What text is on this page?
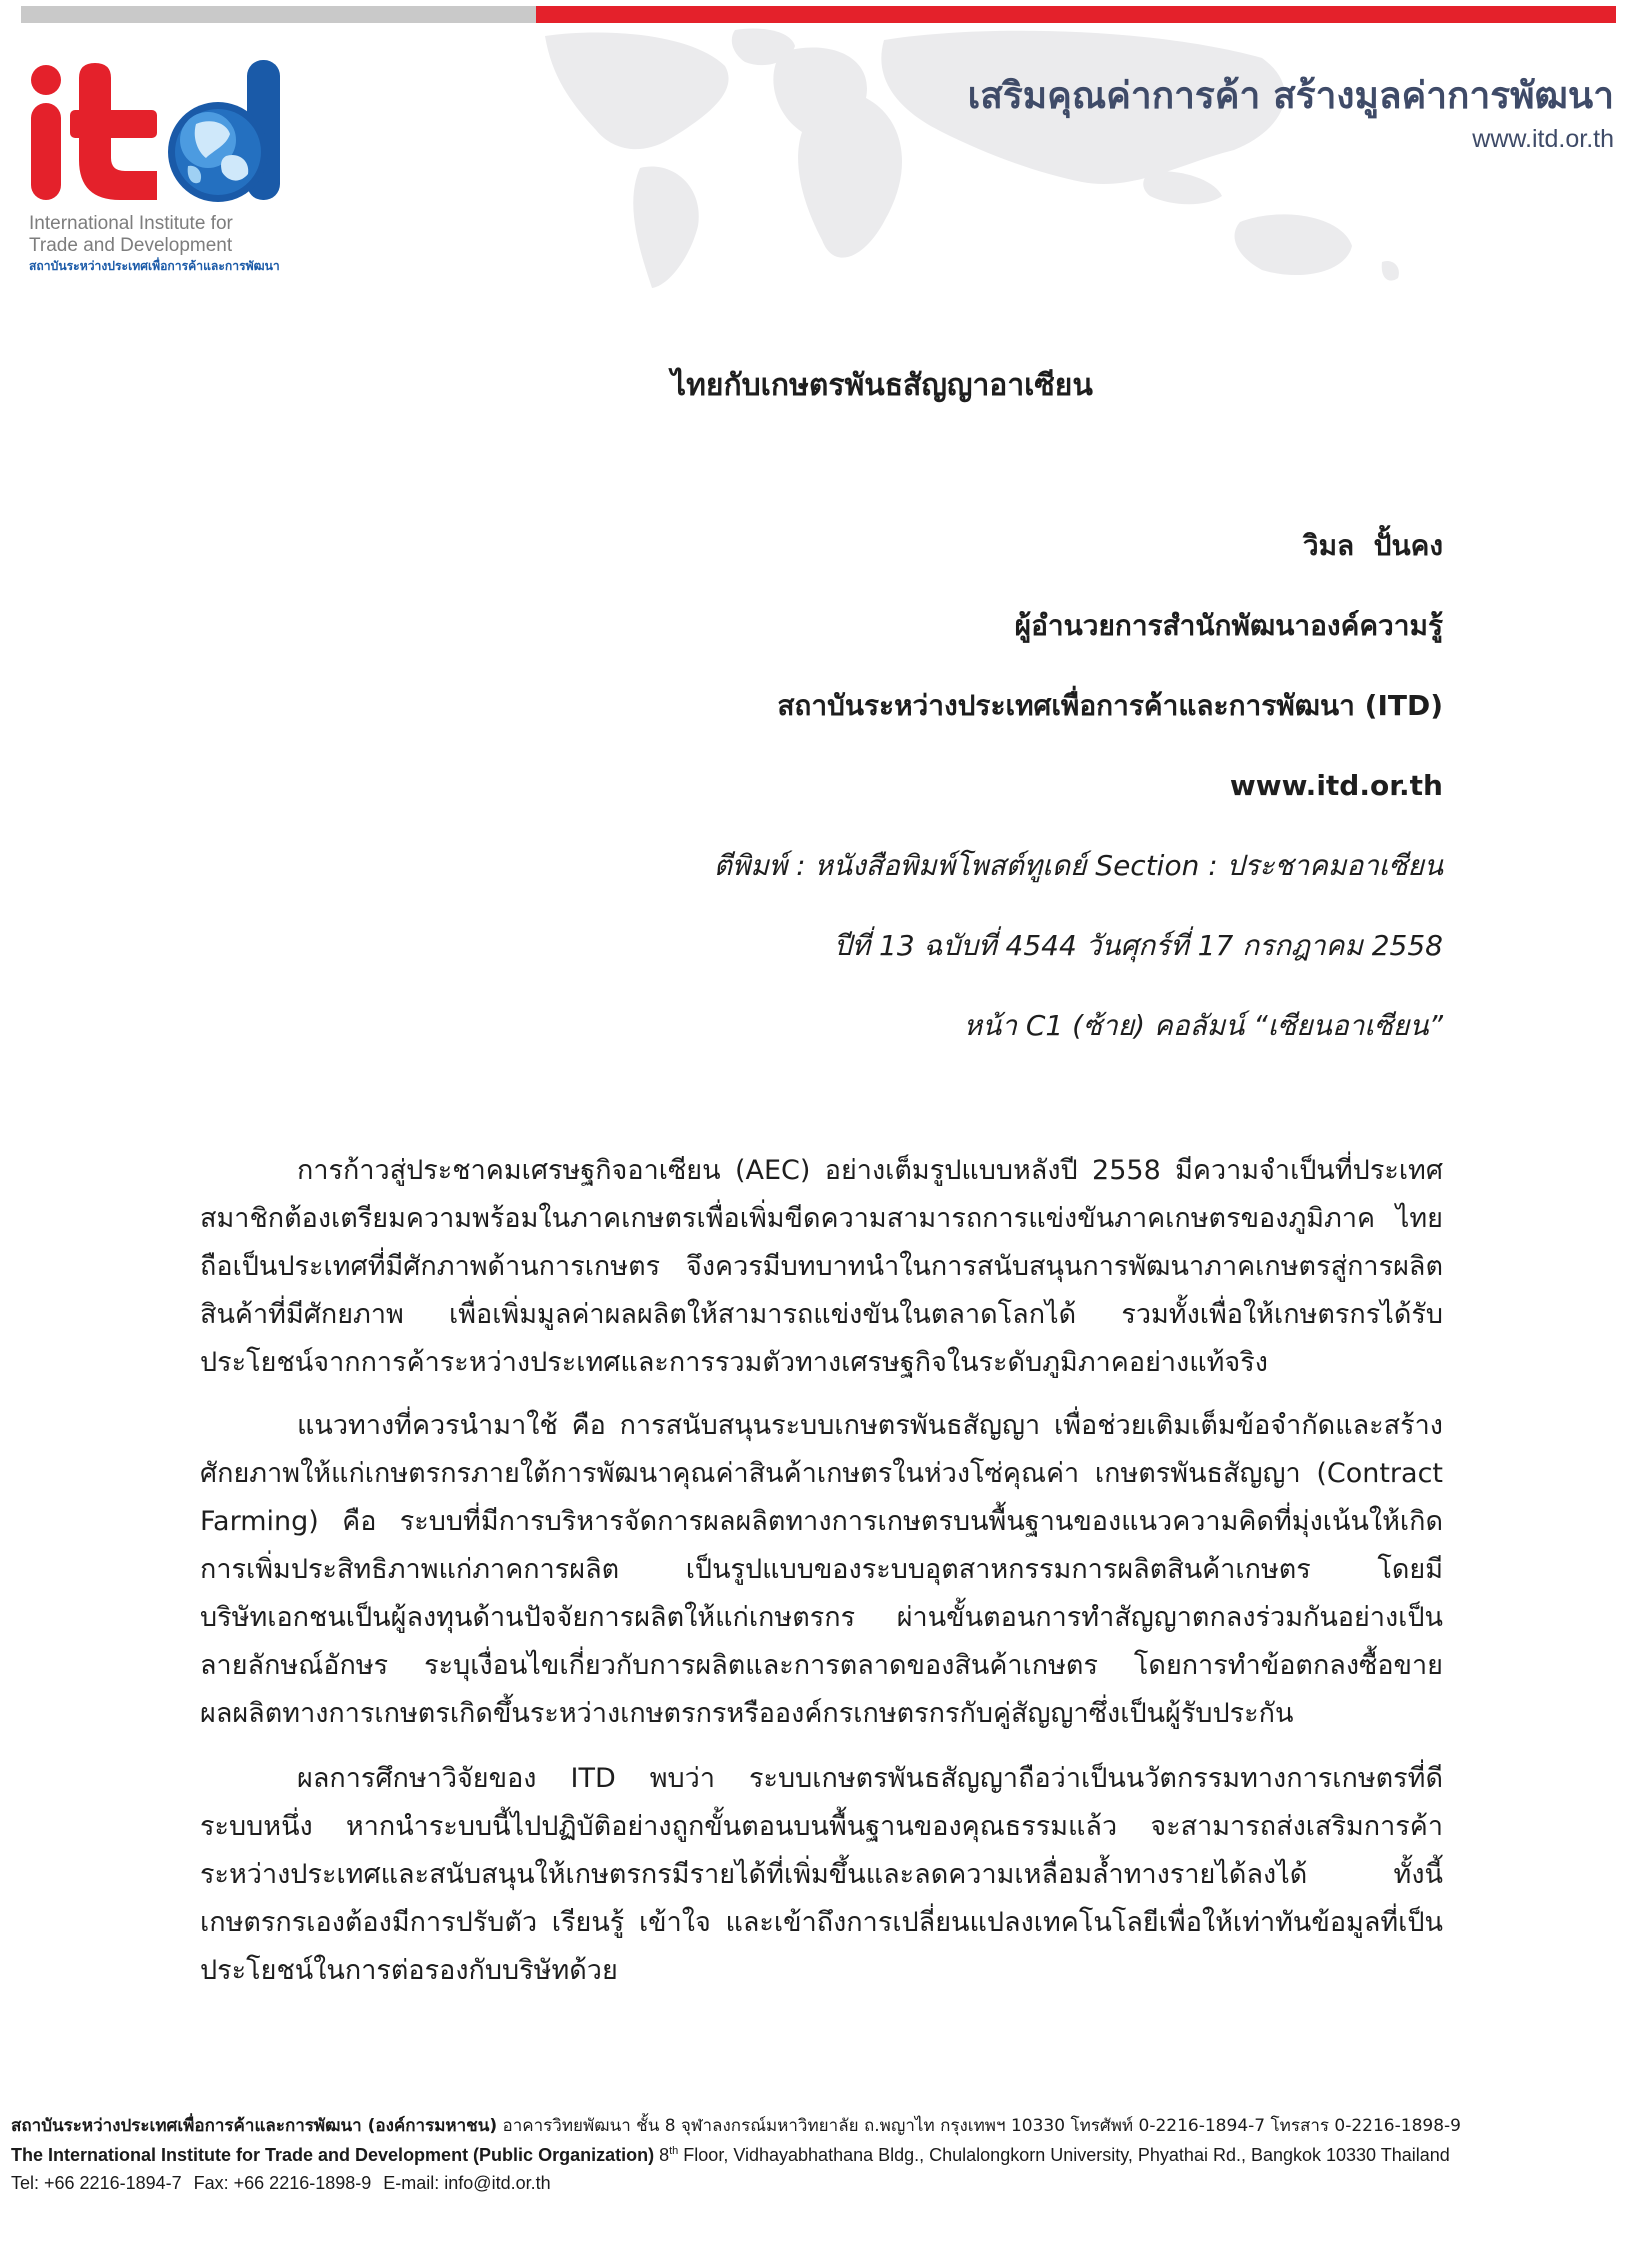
International Institute for
Trade and Development
สถาบันระหว่างประเทศเพื่อการค้าและการพัฒนา
เสริมคุณค่าการค้า สร้างมูลค่าการพัฒนา
www.itd.or.th
ไทยกับเกษตรพันธสัญญาอาเซียน
วิมล  ปั้นคง
ผู้อำนวยการสำนักพัฒนาองค์ความรู้
สถาบันระหว่างประเทศเพื่อการค้าและการพัฒนา (ITD)
www.itd.or.th
ตีพิมพ์ : หนังสือพิมพ์โพสต์ทูเดย์ Section : ประชาคมอาเซียน
ปีที่ 13 ฉบับที่ 4544 วันศุกร์ที่ 17 กรกฎาคม 2558
หน้า C1 (ซ้าย) คอลัมน์ “เซียนอาเซียน”
การก้าวสู่ประชาคมเศรษฐกิจอาเซียน (AEC) อย่างเต็มรูปแบบหลังปี 2558 มีความจำเป็นที่ประเทศ
สมาชิกต้องเตรียมความพร้อมในภาคเกษตรเพื่อเพิ่มขีดความสามารถการแข่งขันภาคเกษตรของภูมิภาค ไทย
ถือเป็นประเทศที่มีศักภาพด้านการเกษตร จึงควรมีบทบาทนำในการสนับสนุนการพัฒนาภาคเกษตรสู่การผลิต
สินค้าที่มีศักยภาพ เพื่อเพิ่มมูลค่าผลผลิตให้สามารถแข่งขันในตลาดโลกได้ รวมทั้งเพื่อให้เกษตรกรได้รับ
ประโยชน์จากการค้าระหว่างประเทศและการรวมตัวทางเศรษฐกิจในระดับภูมิภาคอย่างแท้จริง
แนวทางที่ควรนำมาใช้ คือ การสนับสนุนระบบเกษตรพันธสัญญา เพื่อช่วยเติมเต็มข้อจำกัดและสร้าง
ศักยภาพให้แก่เกษตรกรภายใต้การพัฒนาคุณค่าสินค้าเกษตรในห่วงโซ่คุณค่า เกษตรพันธสัญญา (Contract
Farming) คือ ระบบที่มีการบริหารจัดการผลผลิตทางการเกษตรบนพื้นฐานของแนวความคิดที่มุ่งเน้นให้เกิด
การเพิ่มประสิทธิภาพแก่ภาคการผลิต เป็นรูปแบบของระบบอุตสาหกรรมการผลิตสินค้าเกษตร โดยมี
บริษัทเอกชนเป็นผู้ลงทุนด้านปัจจัยการผลิตให้แก่เกษตรกร ผ่านขั้นตอนการทำสัญญาตกลงร่วมกันอย่างเป็น
ลายลักษณ์อักษร ระบุเงื่อนไขเกี่ยวกับการผลิตและการตลาดของสินค้าเกษตร โดยการทำข้อตกลงซื้อขาย
ผลผลิตทางการเกษตรเกิดขึ้นระหว่างเกษตรกรหรือองค์กรเกษตรกรกับคู่สัญญาซึ่งเป็นผู้รับประกัน
ผลการศึกษาวิจัยของ ITD พบว่า ระบบเกษตรพันธสัญญาถือว่าเป็นนวัตกรรมทางการเกษตรที่ดี
ระบบหนึ่ง หากนำระบบนี้ไปปฏิบัติอย่างถูกขั้นตอนบนพื้นฐานของคุณธรรมแล้ว จะสามารถส่งเสริมการค้า
ระหว่างประเทศและสนับสนุนให้เกษตรกรมีรายได้ที่เพิ่มขึ้นและลดความเหลื่อมล้ำทางรายได้ลงได้ ทั้งนี้
เกษตรกรเองต้องมีการปรับตัว เรียนรู้ เข้าใจ และเข้าถึงการเปลี่ยนแปลงเทคโนโลยีเพื่อให้เท่าทันข้อมูลที่เป็น
ประโยชน์ในการต่อรองกับบริษัทด้วย
สถาบันระหว่างประเทศเพื่อการค้าและการพัฒนา (องค์การมหาชน) อาคารวิทยพัฒนา ชั้น 8 จุฬาลงกรณ์มหาวิทยาลัย ถ.พญาไท กรุงเทพฯ 10330 โทรศัพท์ 0-2216-1894-7 โทรสาร 0-2216-1898-9
The International Institute for Trade and Development (Public Organization) 8th Floor, Vidhayabhathana Bldg., Chulalongkorn University, Phyathai Rd., Bangkok 10330 Thailand
Tel: +66 2216-1894-7 Fax: +66 2216-1898-9 E-mail: info@itd.or.th
